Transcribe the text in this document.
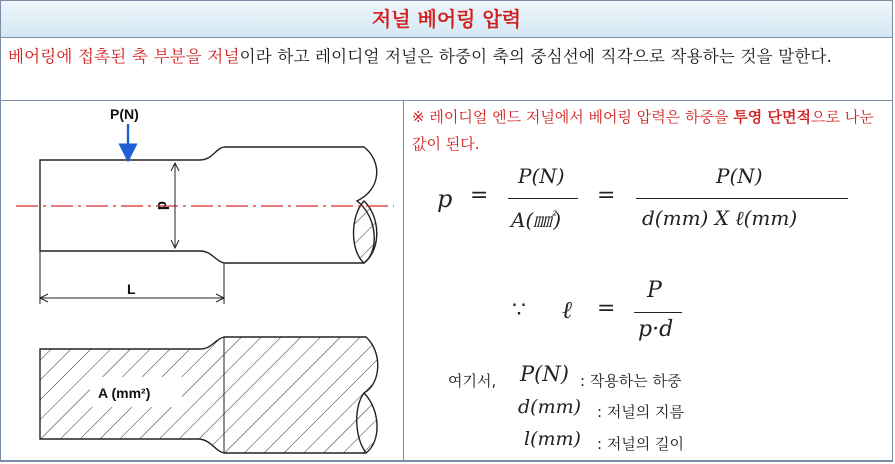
저널 베어링 압력
베어링에 접촉된 축 부분을 저널이라 하고 레이디얼 저널은 하중이 축의 중심선에 직각으로 작용하는 것을 말한다.
P(N)
d
L
A (mm²)
※ 레이디얼 엔드 저널에서 베어링 압력은 하중을 투영 단면적으로 나눈 값이 된다.
p =
P(N)
A(㎟)
=
P(N)
d(mm) X ℓ(mm)
∵ ℓ =
P
p·d
여기서, P(N) : 작용하는 하중
d(mm) : 저널의 지름
l(mm) : 저널의 길이
